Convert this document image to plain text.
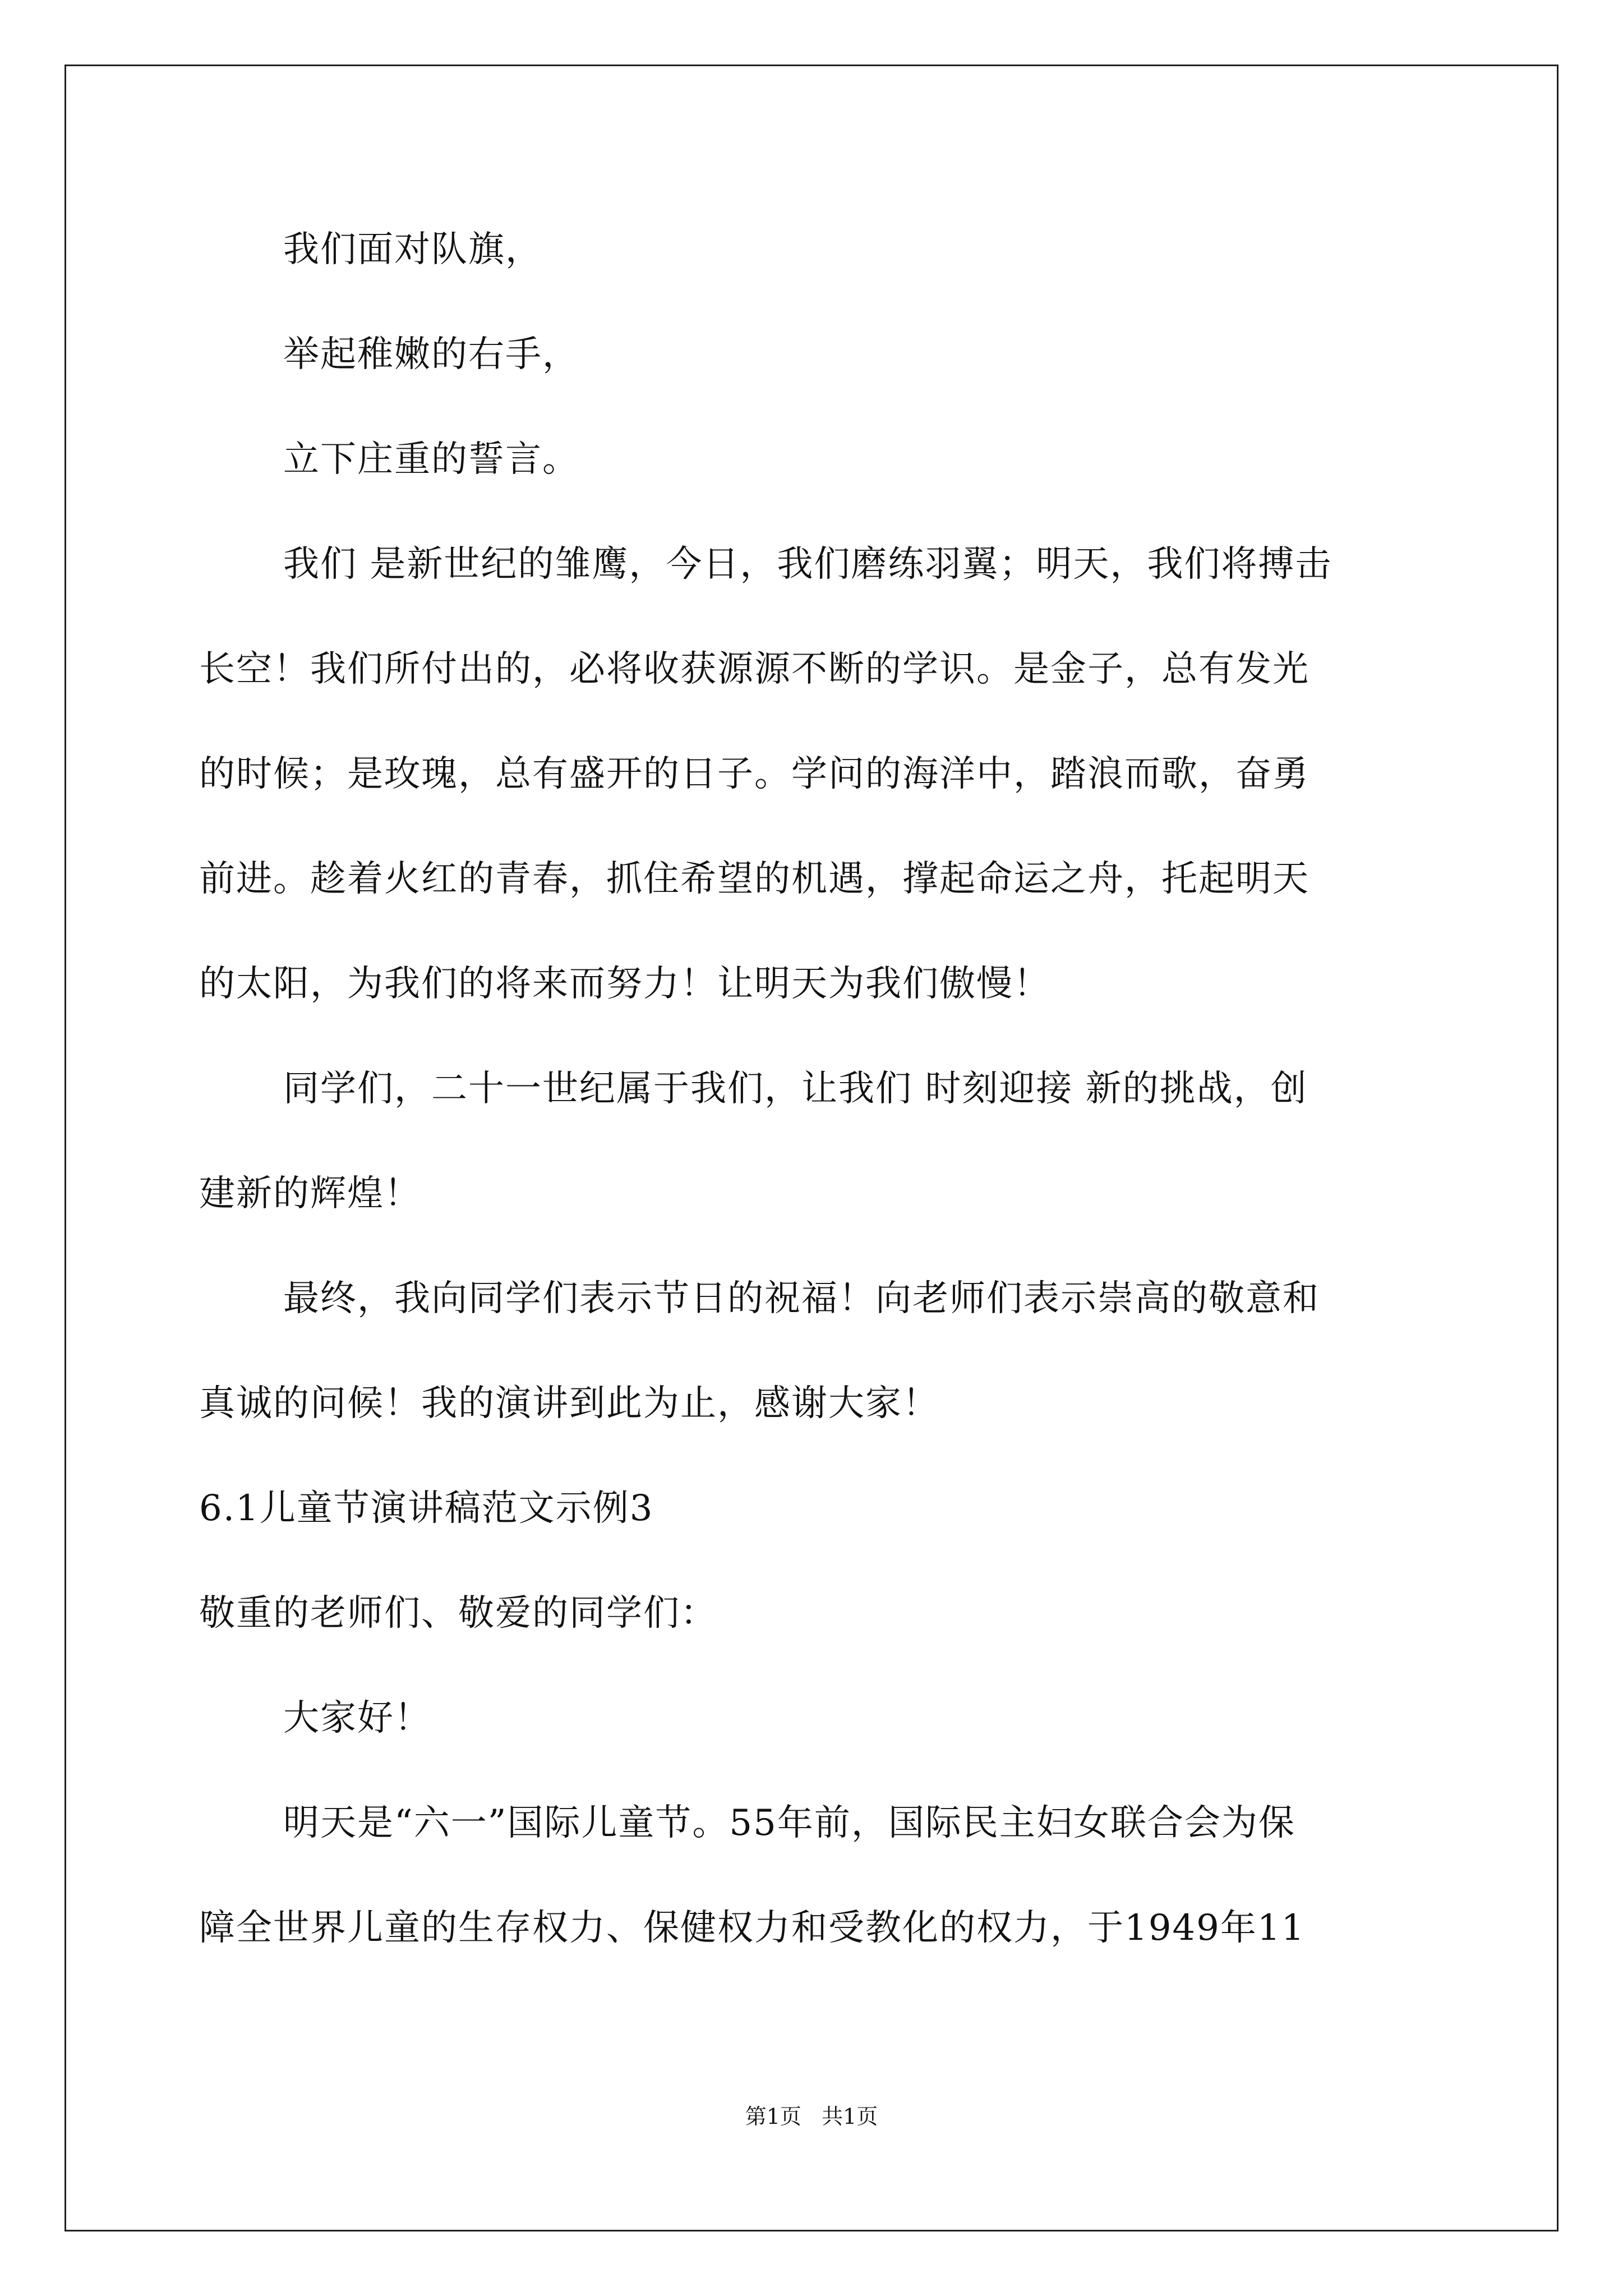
我们面对队旗，
举起稚嫩的右手，
立下庄重的誓言。
我们 是新世纪的雏鹰，今日，我们磨练羽翼；明天，我们将搏击
长空！我们所付出的，必将收获源源不断的学识。是金子，总有发光
的时候；是玫瑰，总有盛开的日子。学问的海洋中，踏浪而歌，奋勇
前进。趁着火红的青春，抓住希望的机遇，撑起命运之舟，托起明天
的太阳，为我们的将来而努力！让明天为我们傲慢！
同学们，二十一世纪属于我们，让我们 时刻迎接 新的挑战，创
建新的辉煌！
最终，我向同学们表示节日的祝福！向老师们表示崇高的敬意和
真诚的问候！我的演讲到此为止，感谢大家！
6.1儿童节演讲稿范文示例3
敬重的老师们、敬爱的同学们：
大家好！
明天是“六一”国际儿童节。55年前，国际民主妇女联合会为保
障全世界儿童的生存权力、保健权力和受教化的权力，于1949年11
第1页   共1页
